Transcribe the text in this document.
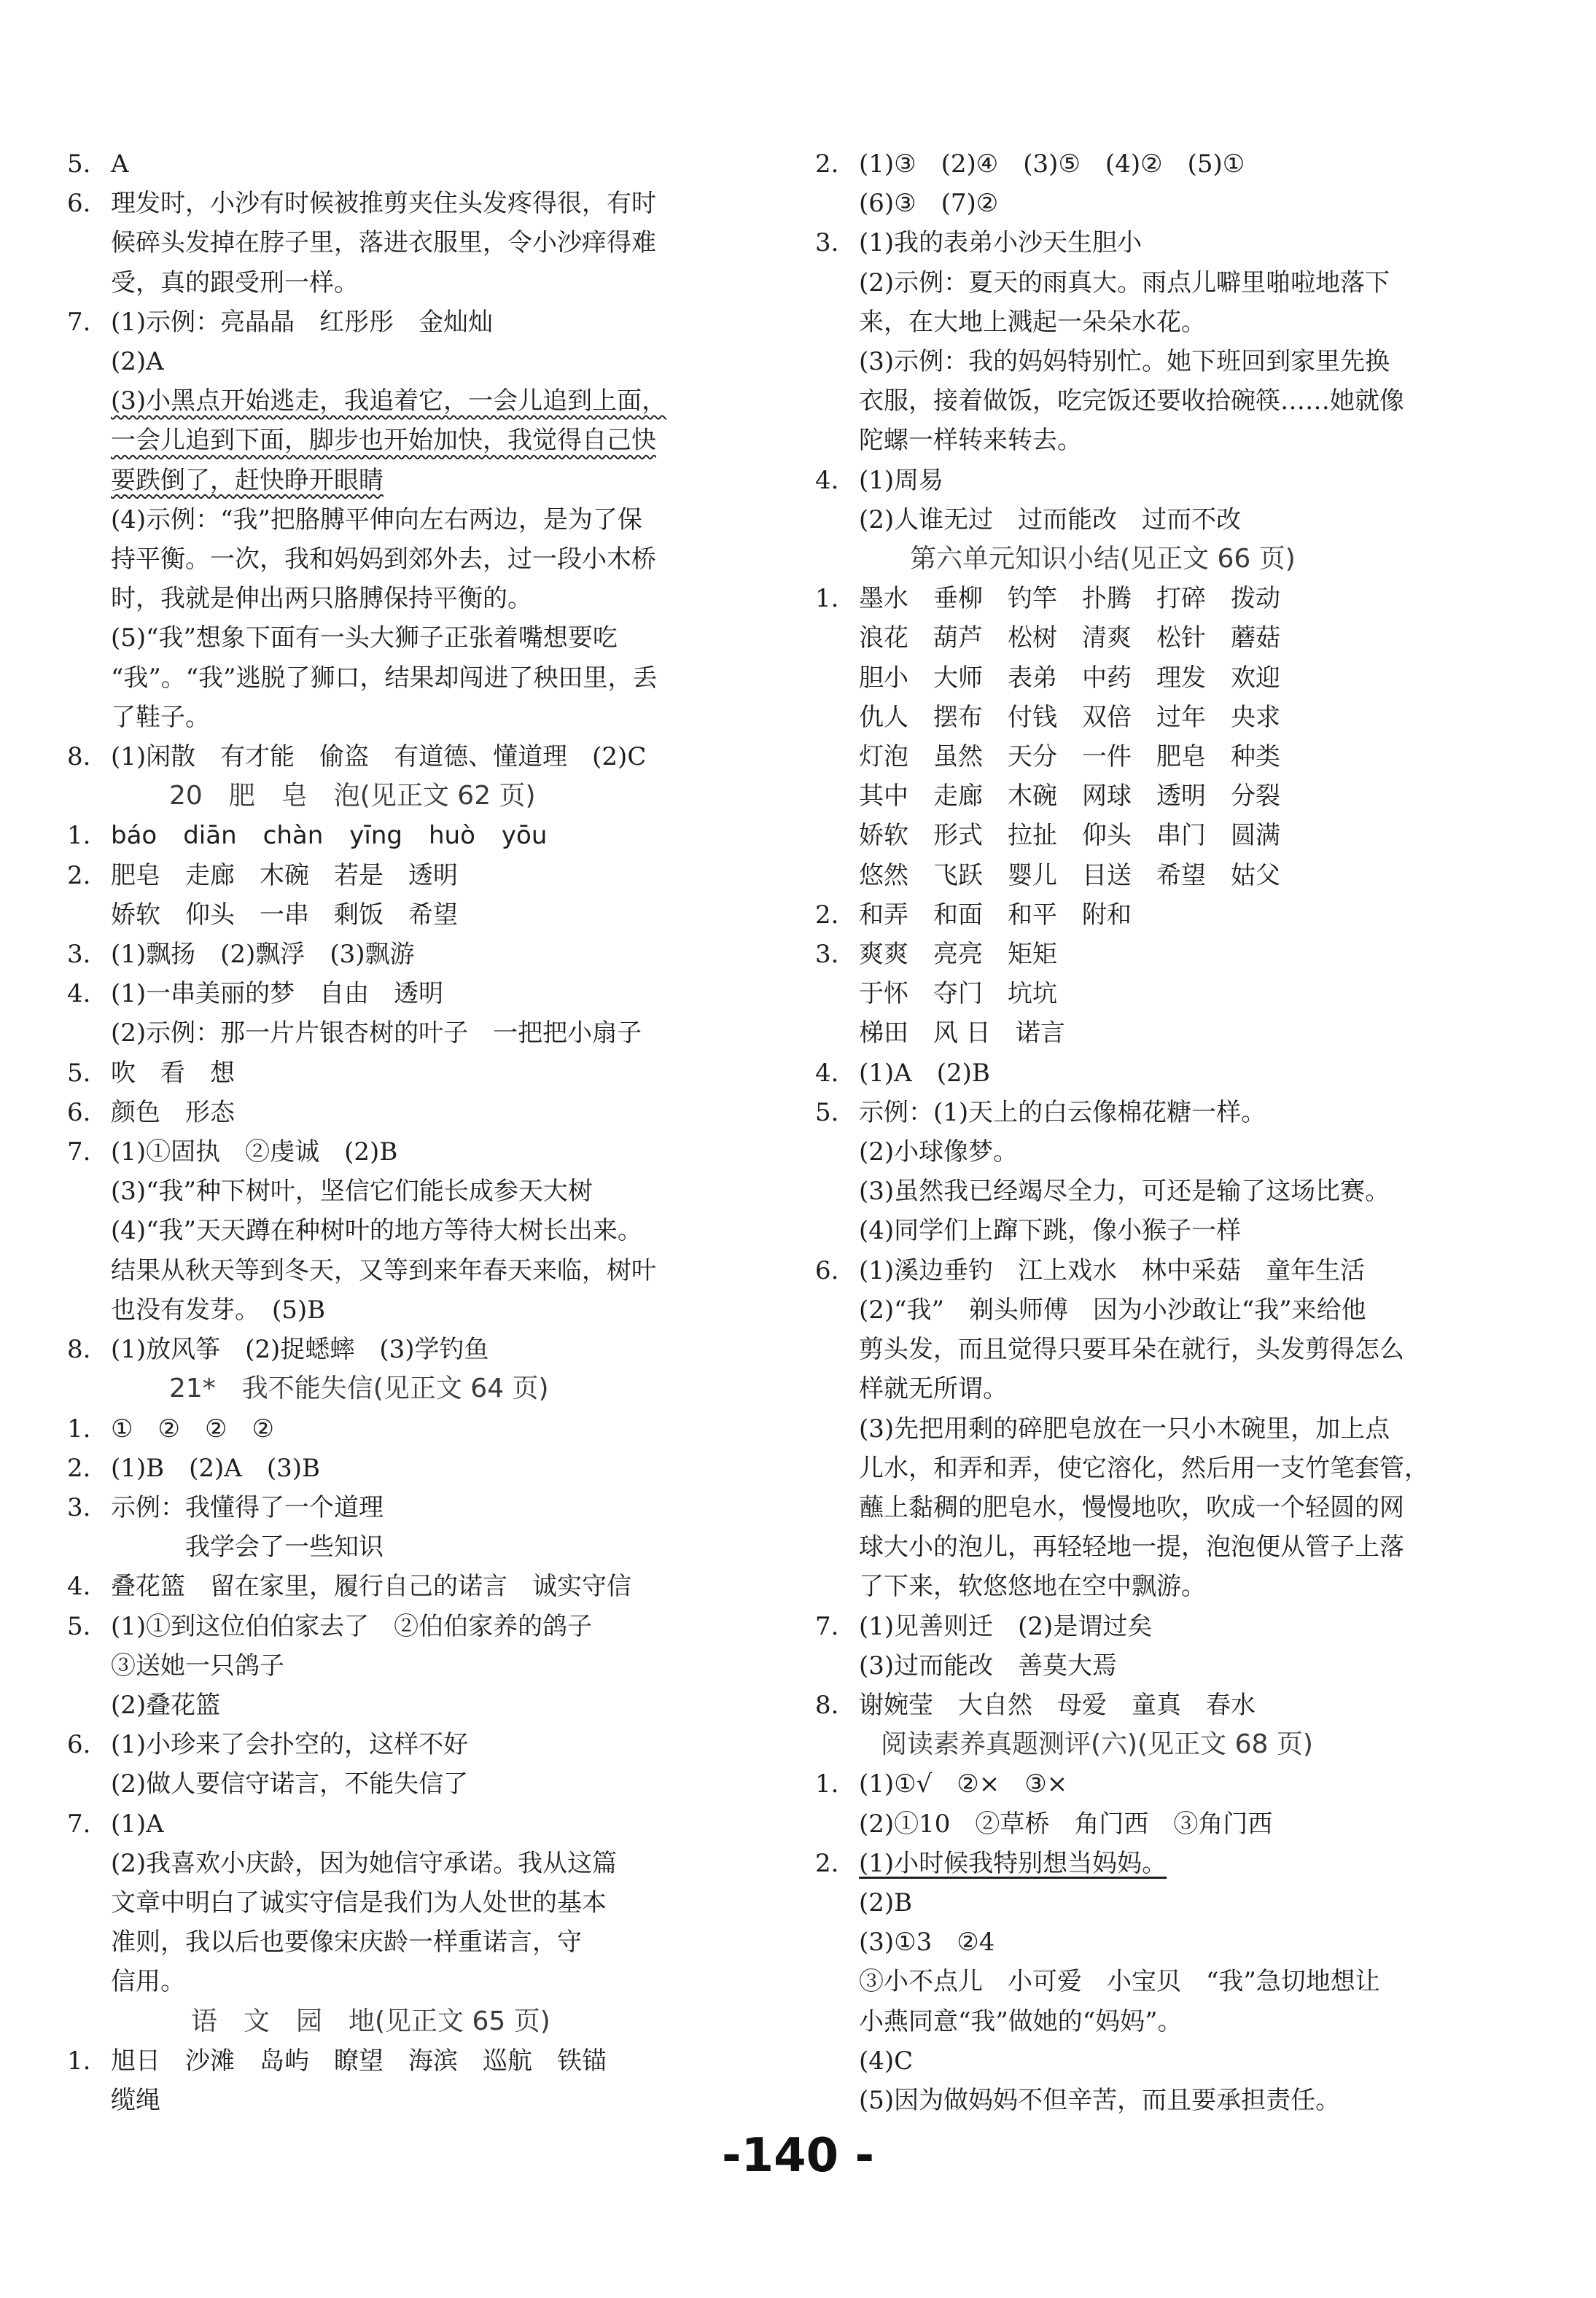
5. A
6. 理发时，小沙有时候被推剪夹住头发疼得很，有时
候碎头发掉在脖子里，落进衣服里，令小沙痒得难
受，真的跟受刑一样。
7. (1)示例：亮晶晶　红彤彤　金灿灿
(2)A
(3)小黑点开始逃走，我追着它，一会儿追到上面，
一会儿追到下面，脚步也开始加快，我觉得自己快
要跌倒了，赶快睁开眼睛
(4)示例：“我”把胳膊平伸向左右两边，是为了保
持平衡。一次，我和妈妈到郊外去，过一段小木桥
时，我就是伸出两只胳膊保持平衡的。
(5)“我”想象下面有一头大狮子正张着嘴想要吃
“我”。“我”逃脱了狮口，结果却闯进了秧田里，丢
了鞋子。
8. (1)闲散　有才能　偷盗　有道德、懂道理　(2)C
20　肥　皂　泡(见正文 62 页)
1. báo diān chàn yīng huò yōu
2. 肥皂　走廊　木碗　若是　透明
娇软　仰头　一串　剩饭　希望
3. (1)飘扬　(2)飘浮　(3)飘游
4. (1)一串美丽的梦　自由　透明
(2)示例：那一片片银杏树的叶子　一把把小扇子
5. 吹　看　想
6. 颜色　形态
7. (1)①固执　②虔诚　(2)B
(3)“我”种下树叶，坚信它们能长成参天大树
(4)“我”天天蹲在种树叶的地方等待大树长出来。
结果从秋天等到冬天，又等到来年春天来临，树叶
也没有发芽。　(5)B
8. (1)放风筝　(2)捉蟋蟀　(3)学钓鱼
21*　我不能失信(见正文 64 页)
1. ①　②　②　②
2. (1)B　(2)A　(3)B
3. 示例：我懂得了一个道理
　　　我学会了一些知识
4. 叠花篮　留在家里，履行自己的诺言　诚实守信
5. (1)①到这位伯伯家去了　②伯伯家养的鸽子
③送她一只鸽子
(2)叠花篮
6. (1)小珍来了会扑空的，这样不好
(2)做人要信守诺言，不能失信了
7. (1)A
(2)我喜欢小庆龄，因为她信守承诺。我从这篇
文章中明白了诚实守信是我们为人处世的基本
准则，我以后也要像宋庆龄一样重诺言，守
信用。
语　文　园　地(见正文 65 页)
1. 旭日　沙滩　岛屿　瞭望　海滨　巡航　铁锚
缆绳
2. (1)③　(2)④　(3)⑤　(4)②　(5)①
(6)③　(7)②
3. (1)我的表弟小沙天生胆小
(2)示例：夏天的雨真大。雨点儿噼里啪啦地落下
来，在大地上溅起一朵朵水花。
(3)示例：我的妈妈特别忙。她下班回到家里先换
衣服，接着做饭，吃完饭还要收拾碗筷……她就像
陀螺一样转来转去。
4. (1)周易
(2)人谁无过　过而能改　过而不改
第六单元知识小结(见正文 66 页)
1. 墨水　垂柳　钓竿　扑腾　打碎　拨动
浪花　葫芦　松树　清爽　松针　蘑菇
胆小　大师　表弟　中药　理发　欢迎
仇人　摆布　付钱　双倍　过年　央求
灯泡　虽然　天分　一件　肥皂　种类
其中　走廊　木碗　网球　透明　分裂
娇软　形式　拉扯　仰头　串门　圆满
悠然　飞跃　婴儿　目送　希望　姑父
2. 和弄　和面　和平　附和
3. 爽爽　亮亮　矩矩
于怀　夺门　坑坑
梯田　风 日　诺言
4. (1)A　(2)B
5. 示例：(1)天上的白云像棉花糖一样。
(2)小球像梦。
(3)虽然我已经竭尽全力，可还是输了这场比赛。
(4)同学们上蹿下跳，像小猴子一样
6. (1)溪边垂钓　江上戏水　林中采菇　童年生活
(2)“我”　剃头师傅　因为小沙敢让“我”来给他
剪头发，而且觉得只要耳朵在就行，头发剪得怎么
样就无所谓。
(3)先把用剩的碎肥皂放在一只小木碗里，加上点
儿水，和弄和弄，使它溶化，然后用一支竹笔套管，
蘸上黏稠的肥皂水，慢慢地吹，吹成一个轻圆的网
球大小的泡儿，再轻轻地一提，泡泡便从管子上落
了下来，软悠悠地在空中飘游。
7. (1)见善则迁　(2)是谓过矣
(3)过而能改　善莫大焉
8. 谢婉莹　大自然　母爱　童真　春水
阅读素养真题测评(六)(见正文 68 页)
1. (1)①√　②×　③×
(2)①10　②草桥　角门西　③角门西
2. (1)小时候我特别想当妈妈。
(2)B
(3)①3　②4
③小不点儿　小可爱　小宝贝　“我”急切地想让
小燕同意“我”做她的“妈妈”。
(4)C
(5)因为做妈妈不但辛苦，而且要承担责任。
-140 -
